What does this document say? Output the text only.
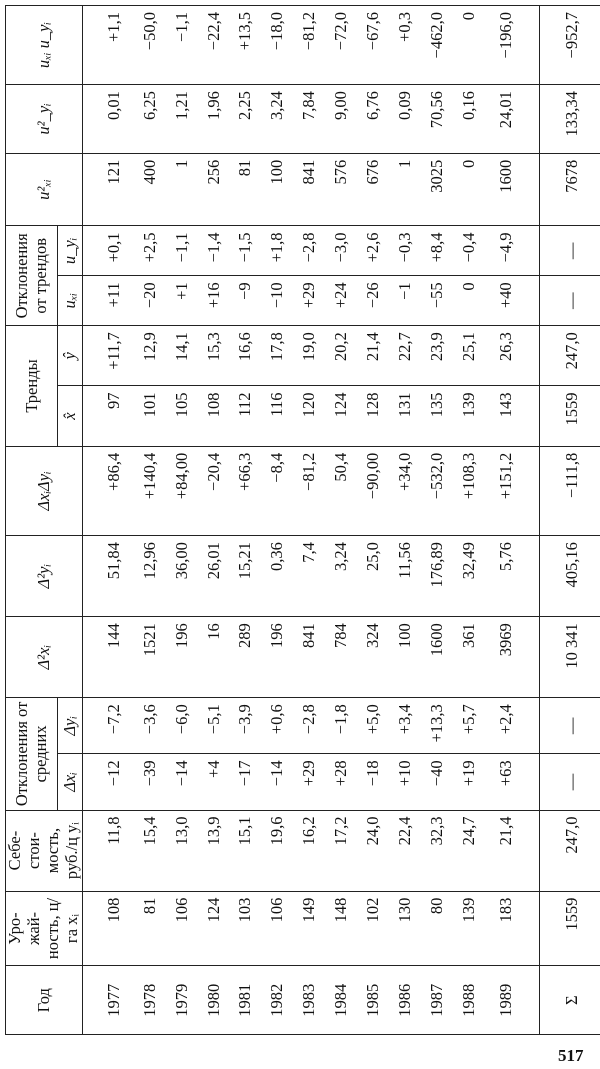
Год	Уро- жай- ность, ц/га xᵢ	Себе- стои- мость, руб./ц yᵢ	Отклонения от средних		Δ²xᵢ	Δ²yᵢ	ΔxᵢΔyᵢ	Тренды		Отклонения от трендов		u²ₓᵢ	u²_yᵢ	uₓᵢ u_yᵢ
			Δxᵢ	Δyᵢ				x̂	ŷ	uₓᵢ	u_yᵢ			
1977	108	11,8	−12	−7,2	144	51,84	+86,4	97	+11,7	+11	+0,1	121	0,01	+1,1
1978	81	15,4	−39	−3,6	1521	12,96	+140,4	101	12,9	−20	+2,5	400	6,25	−50,0
1979	106	13,0	−14	−6,0	196	36,00	+84,00	105	14,1	+1	−1,1	1	1,21	−1,1
1980	124	13,9	+4	−5,1	16	26,01	−20,4	108	15,3	+16	−1,4	256	1,96	−22,4
1981	103	15,1	−17	−3,9	289	15,21	+66,3	112	16,6	−9	−1,5	81	2,25	+13,5
1982	106	19,6	−14	+0,6	196	0,36	−8,4	116	17,8	−10	+1,8	100	3,24	−18,0
1983	149	16,2	+29	−2,8	841	7,4	−81,2	120	19,0	+29	−2,8	841	7,84	−81,2
1984	148	17,2	+28	−1,8	784	3,24	50,4	124	20,2	+24	−3,0	576	9,00	−72,0
1985	102	24,0	−18	+5,0	324	25,0	−90,00	128	21,4	−26	+2,6	676	6,76	−67,6
1986	130	22,4	+10	+3,4	100	11,56	+34,0	131	22,7	−1	−0,3	1	0,09	+0,3
1987	80	32,3	−40	+13,3	1600	176,89	−532,0	135	23,9	−55	+8,4	3025	70,56	−462,0
1988	139	24,7	+19	+5,7	361	32,49	+108,3	139	25,1	0	−0,4	0	0,16	0
1989	183	21,4	+63	+2,4	3969	5,76	+151,2	143	26,3	+40	−4,9	1600	24,01	−196,0
Σ	1559	247,0	—	—	10 341	405,16	−111,8	1559	247,0	—	—	7678	133,34	−952,7
517
